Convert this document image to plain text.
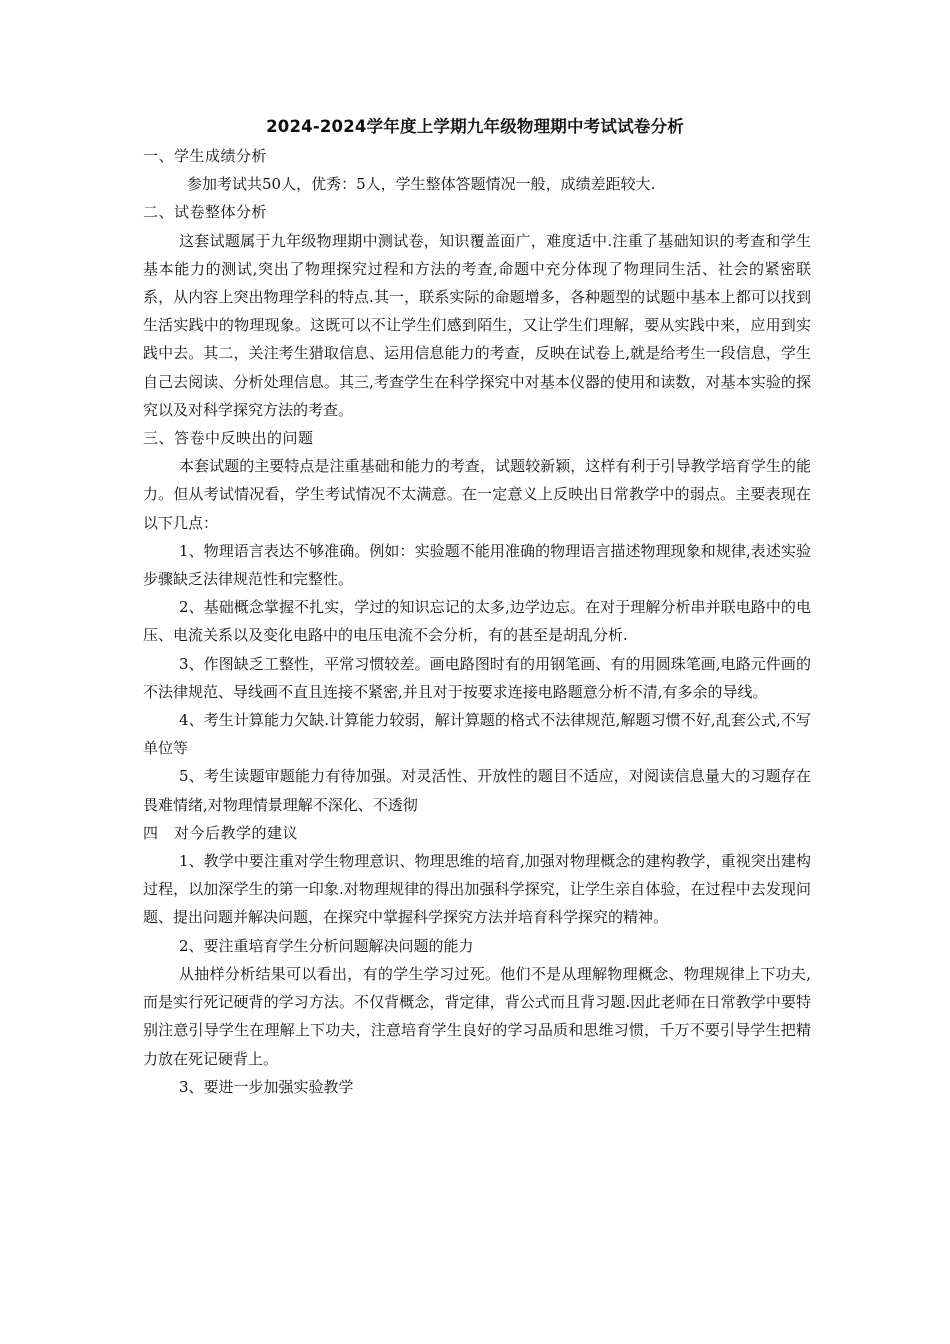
2024-2024学年度上学期九年级物理期中考试试卷分析

一、学生成绩分析

参加考试共50人，优秀：5人，学生整体答题情况一般，成绩差距较大.

二、试卷整体分析

这套试题属于九年级物理期中测试卷，知识覆盖面广，难度适中.注重了基础知识的考查和学生基本能力的测试,突出了物理探究过程和方法的考查,命题中充分体现了物理同生活、社会的紧密联系，从内容上突出物理学科的特点.其一，联系实际的命题增多，各种题型的试题中基本上都可以找到生活实践中的物理现象。这既可以不让学生们感到陌生，又让学生们理解，要从实践中来，应用到实践中去。其二，关注考生猎取信息、运用信息能力的考查，反映在试卷上,就是给考生一段信息，学生自己去阅读、分析处理信息。其三,考查学生在科学探究中对基本仪器的使用和读数，对基本实验的探究以及对科学探究方法的考查。

三、答卷中反映出的问题

本套试题的主要特点是注重基础和能力的考查，试题较新颖，这样有利于引导教学培育学生的能力。但从考试情况看，学生考试情况不太满意。在一定意义上反映出日常教学中的弱点。主要表现在以下几点：

1、物理语言表达不够准确。例如：实验题不能用准确的物理语言描述物理现象和规律,表述实验步骤缺乏法律规范性和完整性。

2、基础概念掌握不扎实，学过的知识忘记的太多,边学边忘。在对于理解分析串并联电路中的电压、电流关系以及变化电路中的电压电流不会分析，有的甚至是胡乱分析.

3、作图缺乏工整性，平常习惯较差。画电路图时有的用钢笔画、有的用圆珠笔画,电路元件画的不法律规范、导线画不直且连接不紧密,并且对于按要求连接电路题意分析不清,有多余的导线。

4、考生计算能力欠缺.计算能力较弱，解计算题的格式不法律规范,解题习惯不好,乱套公式,不写单位等

5、考生读题审题能力有待加强。对灵活性、开放性的题目不适应，对阅读信息量大的习题存在畏难情绪,对物理情景理解不深化、不透彻

四　对今后教学的建议

1、教学中要注重对学生物理意识、物理思维的培育,加强对物理概念的建构教学，重视突出建构过程，以加深学生的第一印象.对物理规律的得出加强科学探究，让学生亲自体验，在过程中去发现问题、提出问题并解决问题，在探究中掌握科学探究方法并培育科学探究的精神。

2、要注重培育学生分析问题解决问题的能力

从抽样分析结果可以看出，有的学生学习过死。他们不是从理解物理概念、物理规律上下功夫,而是实行死记硬背的学习方法。不仅背概念，背定律，背公式而且背习题.因此老师在日常教学中要特别注意引导学生在理解上下功夫，注意培育学生良好的学习品质和思维习惯，千万不要引导学生把精力放在死记硬背上。

3、要进一步加强实验教学
